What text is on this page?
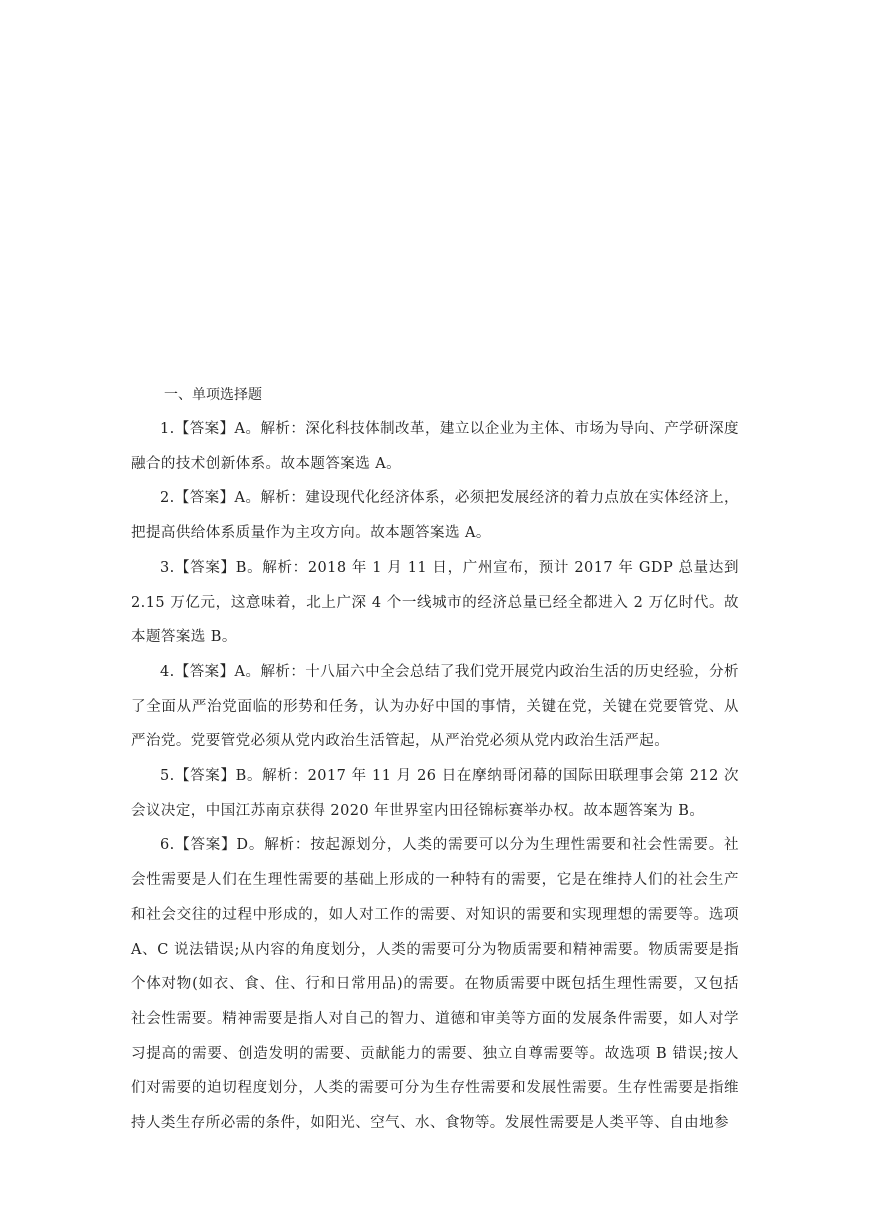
一、单项选择题

1.【答案】A。解析：深化科技体制改革，建立以企业为主体、市场为导向、产学研深度融合的技术创新体系。故本题答案选 A。

2.【答案】A。解析：建设现代化经济体系，必须把发展经济的着力点放在实体经济上，把提高供给体系质量作为主攻方向。故本题答案选 A。

3.【答案】B。解析：2018 年 1 月 11 日，广州宣布，预计 2017 年 GDP 总量达到 2.15 万亿元，这意味着，北上广深 4 个一线城市的经济总量已经全都进入 2 万亿时代。故本题答案选 B。

4.【答案】A。解析：十八届六中全会总结了我们党开展党内政治生活的历史经验，分析了全面从严治党面临的形势和任务，认为办好中国的事情，关键在党，关键在党要管党、从严治党。党要管党必须从党内政治生活管起，从严治党必须从党内政治生活严起。

5.【答案】B。解析：2017 年 11 月 26 日在摩纳哥闭幕的国际田联理事会第 212 次会议决定，中国江苏南京获得 2020 年世界室内田径锦标赛举办权。故本题答案为 B。

6.【答案】D。解析：按起源划分，人类的需要可以分为生理性需要和社会性需要。社会性需要是人们在生理性需要的基础上形成的一种特有的需要，它是在维持人们的社会生产和社会交往的过程中形成的，如人对工作的需要、对知识的需要和实现理想的需要等。选项 A、C 说法错误;从内容的角度划分，人类的需要可分为物质需要和精神需要。物质需要是指个体对物(如衣、食、住、行和日常用品)的需要。在物质需要中既包括生理性需要，又包括社会性需要。精神需要是指人对自己的智力、道德和审美等方面的发展条件需要，如人对学习提高的需要、创造发明的需要、贡献能力的需要、独立自尊需要等。故选项 B 错误;按人们对需要的迫切程度划分，人类的需要可分为生存性需要和发展性需要。生存性需要是指维持人类生存所必需的条件，如阳光、空气、水、食物等。发展性需要是人类平等、自由地参
